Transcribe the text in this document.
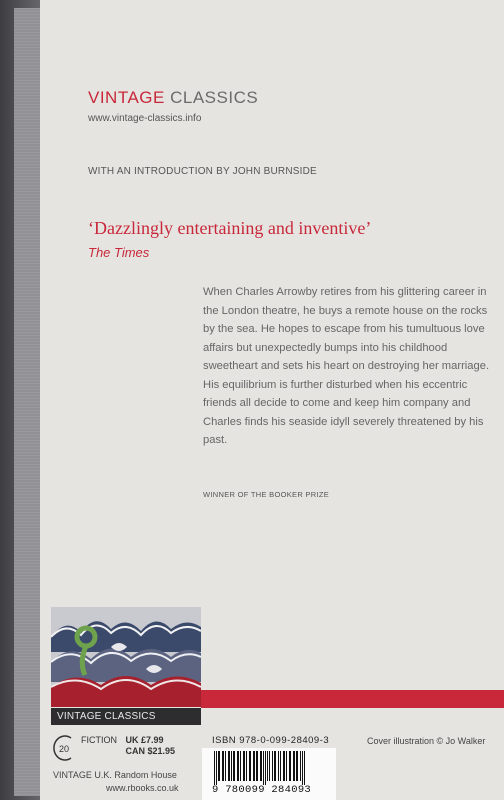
VINTAGE CLASSICS
www.vintage-classics.info
WITH AN INTRODUCTION BY JOHN BURNSIDE
‘Dazzlingly entertaining and inventive’
The Times

When Charles Arrowby retires from his glittering career in the London theatre, he buys a remote house on the rocks by the sea. He hopes to escape from his tumultuous love affairs but unexpectedly bumps into his childhood sweetheart and sets his heart on destroying her marriage. His equilibrium is further disturbed when his eccentric friends all decide to come and keep him company and Charles finds his seaside idyll severely threatened by his past.

WINNER OF THE BOOKER PRIZE
VINTAGE CLASSICS
20
FICTION UK £7.99
CAN $21.95
VINTAGE U.K. Random House
www.rbooks.co.uk
ISBN 978-0-099-28409-3	Cover illustration © Jo Walker
9 780099 284093
